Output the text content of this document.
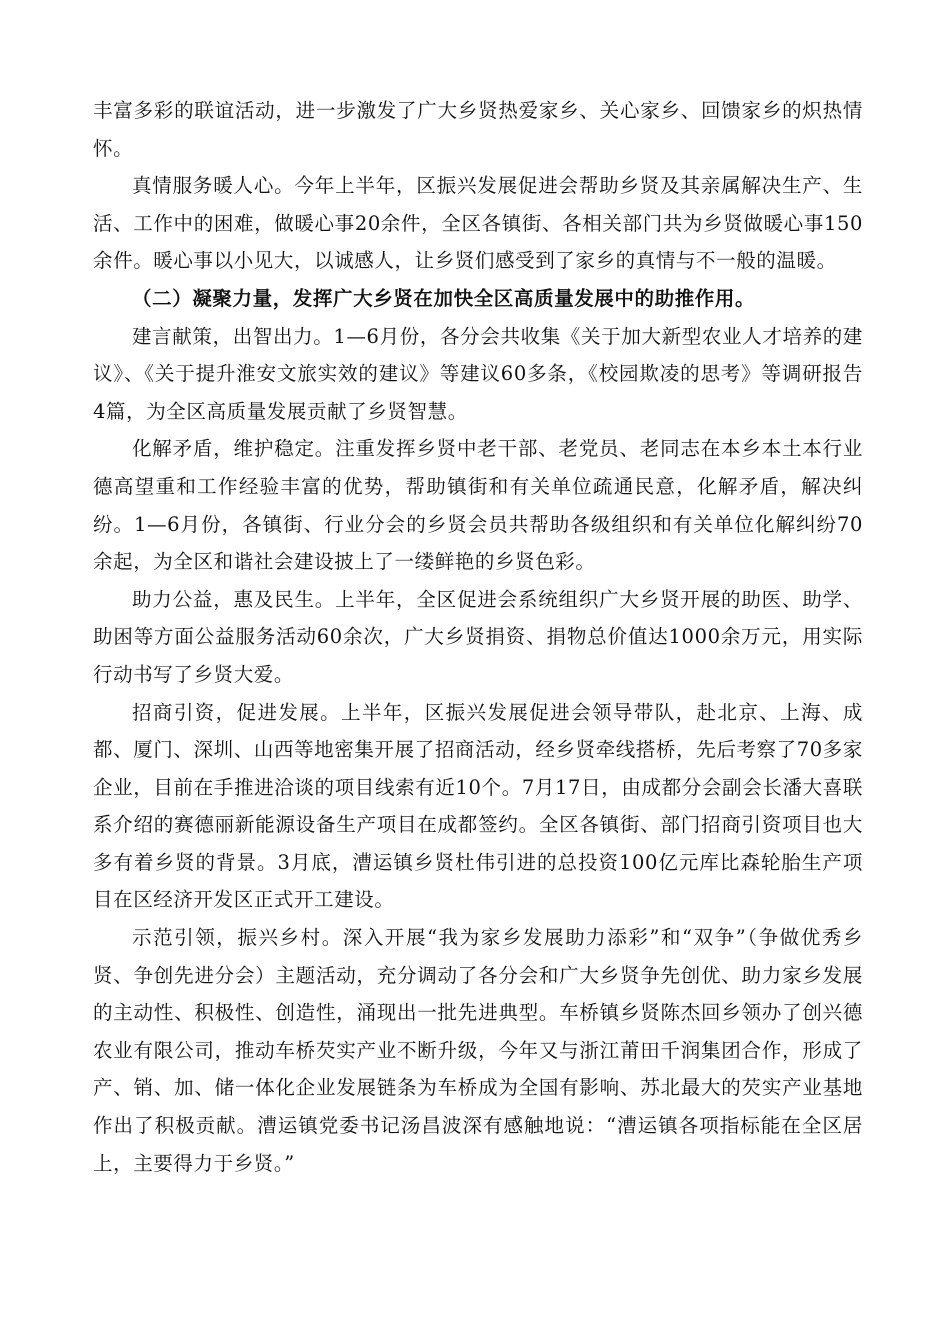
丰富多彩的联谊活动，进一步激发了广大乡贤热爱家乡、关心家乡、回馈家乡的炽热情怀。

真情服务暖人心。今年上半年，区振兴发展促进会帮助乡贤及其亲属解决生产、生活、工作中的困难，做暖心事20余件，全区各镇街、各相关部门共为乡贤做暖心事150余件。暖心事以小见大，以诚感人，让乡贤们感受到了家乡的真情与不一般的温暖。

（二）凝聚力量，发挥广大乡贤在加快全区高质量发展中的助推作用。

建言献策，出智出力。1—6月份，各分会共收集《关于加大新型农业人才培养的建议》、《关于提升淮安文旅实效的建议》等建议60多条，《校园欺凌的思考》等调研报告4篇，为全区高质量发展贡献了乡贤智慧。

化解矛盾，维护稳定。注重发挥乡贤中老干部、老党员、老同志在本乡本土本行业德高望重和工作经验丰富的优势，帮助镇街和有关单位疏通民意，化解矛盾，解决纠纷。1—6月份，各镇街、行业分会的乡贤会员共帮助各级组织和有关单位化解纠纷70余起，为全区和谐社会建设披上了一缕鲜艳的乡贤色彩。

助力公益，惠及民生。上半年，全区促进会系统组织广大乡贤开展的助医、助学、助困等方面公益服务活动60余次，广大乡贤捐资、捐物总价值达1000余万元，用实际行动书写了乡贤大爱。

招商引资，促进发展。上半年，区振兴发展促进会领导带队，赴北京、上海、成都、厦门、深圳、山西等地密集开展了招商活动，经乡贤牵线搭桥，先后考察了70多家企业，目前在手推进洽谈的项目线索有近10个。7月17日，由成都分会副会长潘大喜联系介绍的赛德丽新能源设备生产项目在成都签约。全区各镇街、部门招商引资项目也大多有着乡贤的背景。3月底，漕运镇乡贤杜伟引进的总投资100亿元库比森轮胎生产项目在区经济开发区正式开工建设。

示范引领，振兴乡村。深入开展“我为家乡发展助力添彩”和“双争”（争做优秀乡贤、争创先进分会）主题活动，充分调动了各分会和广大乡贤争先创优、助力家乡发展的主动性、积极性、创造性，涌现出一批先进典型。车桥镇乡贤陈杰回乡领办了创兴德农业有限公司，推动车桥芡实产业不断升级，今年又与浙江莆田千润集团合作，形成了产、销、加、储一体化企业发展链条为车桥成为全国有影响、苏北最大的芡实产业基地作出了积极贡献。漕运镇党委书记汤昌波深有感触地说：“漕运镇各项指标能在全区居上，主要得力于乡贤。”
